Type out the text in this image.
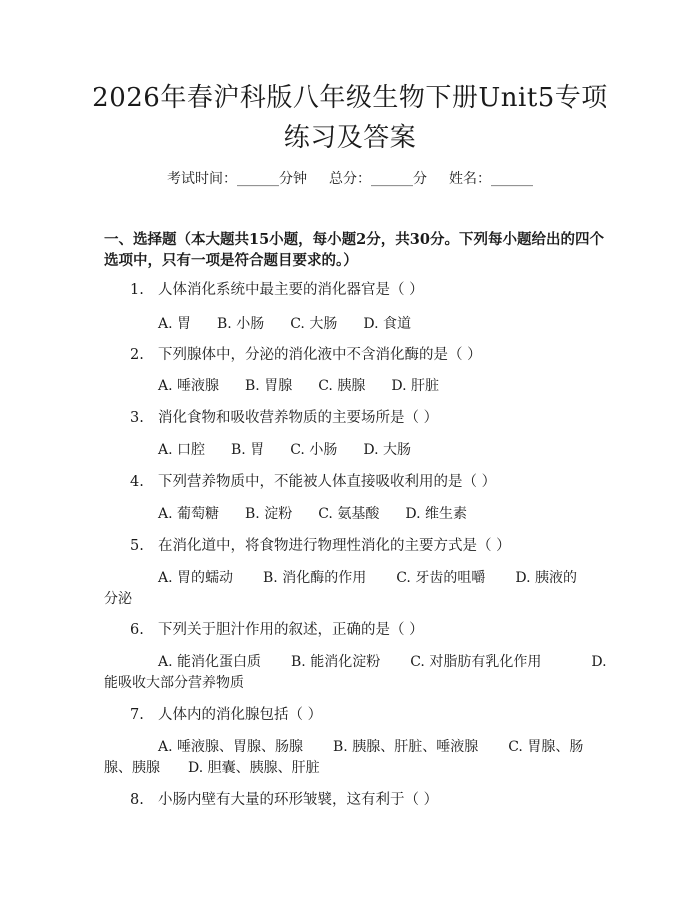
2026年春沪科版八年级生物下册Unit5专项
练习及答案
考试时间：______分钟 总分：______分 姓名：______
一、选择题（本大题共15小题，每小题2分，共30分。下列每小题给出的四个
选项中，只有一项是符合题目要求的。）
1. 人体消化系统中最主要的消化器官是（ ）
A. 胃 B. 小肠 C. 大肠 D. 食道
2. 下列腺体中，分泌的消化液中不含消化酶的是（ ）
A. 唾液腺 B. 胃腺 C. 胰腺 D. 肝脏
3. 消化食物和吸收营养物质的主要场所是（ ）
A. 口腔 B. 胃 C. 小肠 D. 大肠
4. 下列营养物质中，不能被人体直接吸收利用的是（ ）
A. 葡萄糖 B. 淀粉 C. 氨基酸 D. 维生素
5. 在消化道中，将食物进行物理性消化的主要方式是（ ）
A. 胃的蠕动 B. 消化酶的作用 C. 牙齿的咀嚼 D. 胰液的
分泌
6. 下列关于胆汁作用的叙述，正确的是（ ）
A. 能消化蛋白质 B. 能消化淀粉 C. 对脂肪有乳化作用	D.
能吸收大部分营养物质
7. 人体内的消化腺包括（ ）
A. 唾液腺、胃腺、肠腺 B. 胰腺、肝脏、唾液腺 C. 胃腺、肠
腺、胰腺　　D. 胆囊、胰腺、肝脏
8. 小肠内壁有大量的环形皱襞，这有利于（ ）
